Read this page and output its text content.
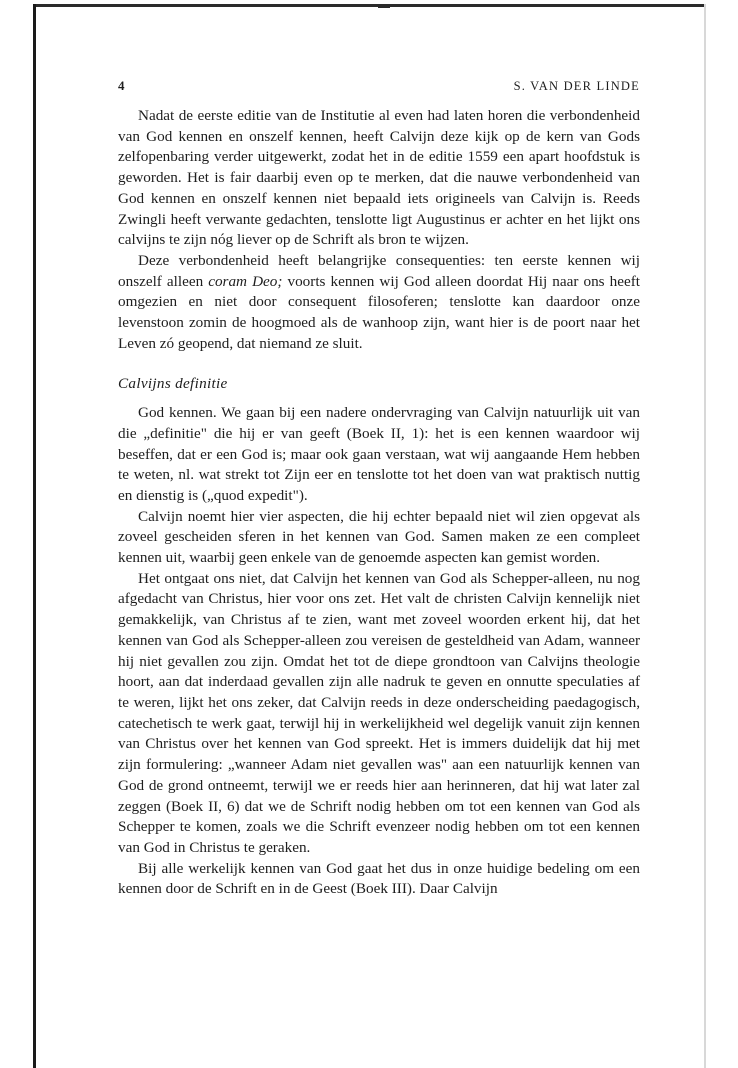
4	S. VAN DER LINDE

Nadat de eerste editie van de Institutie al even had laten horen die verbondenheid van God kennen en onszelf kennen, heeft Calvijn deze kijk op de kern van Gods zelfopenbaring verder uitgewerkt, zodat het in de editie 1559 een apart hoofdstuk is geworden. Het is fair daarbij even op te merken, dat die nauwe verbondenheid van God kennen en onszelf kennen niet bepaald iets origineels van Calvijn is. Reeds Zwingli heeft verwante gedachten, tenslotte ligt Augustinus er achter en het lijkt ons calvijns te zijn nóg liever op de Schrift als bron te wijzen.

Deze verbondenheid heeft belangrijke consequenties: ten eerste kennen wij onszelf alleen coram Deo; voorts kennen wij God alleen doordat Hij naar ons heeft omgezien en niet door consequent filosoferen; tenslotte kan daardoor onze levenstoon zomin de hoogmoed als de wanhoop zijn, want hier is de poort naar het Leven zó geopend, dat niemand ze sluit.

Calvijns definitie

God kennen. We gaan bij een nadere ondervraging van Calvijn natuurlijk uit van die „definitie" die hij er van geeft (Boek II, 1): het is een kennen waardoor wij beseffen, dat er een God is; maar ook gaan verstaan, wat wij aangaande Hem hebben te weten, nl. wat strekt tot Zijn eer en tenslotte tot het doen van wat praktisch nuttig en dienstig is („quod expedit").

Calvijn noemt hier vier aspecten, die hij echter bepaald niet wil zien opgevat als zoveel gescheiden sferen in het kennen van God. Samen maken ze een compleet kennen uit, waarbij geen enkele van de genoemde aspecten kan gemist worden.

Het ontgaat ons niet, dat Calvijn het kennen van God als Schepper-alleen, nu nog afgedacht van Christus, hier voor ons zet. Het valt de christen Calvijn kennelijk niet gemakkelijk, van Christus af te zien, want met zoveel woorden erkent hij, dat het kennen van God als Schepper-alleen zou vereisen de gesteldheid van Adam, wanneer hij niet gevallen zou zijn. Omdat het tot de diepe grondtoon van Calvijns theologie hoort, aan dat inderdaad gevallen zijn alle nadruk te geven en onnutte speculaties af te weren, lijkt het ons zeker, dat Calvijn reeds in deze onderscheiding paedagogisch, catechetisch te werk gaat, terwijl hij in werkelijkheid wel degelijk vanuit zijn kennen van Christus over het kennen van God spreekt. Het is immers duidelijk dat hij met zijn formulering: „wanneer Adam niet gevallen was" aan een natuurlijk kennen van God de grond ontneemt, terwijl we er reeds hier aan herinneren, dat hij wat later zal zeggen (Boek II, 6) dat we de Schrift nodig hebben om tot een kennen van God als Schepper te komen, zoals we die Schrift evenzeer nodig hebben om tot een kennen van God in Christus te geraken.

Bij alle werkelijk kennen van God gaat het dus in onze huidige bedeling om een kennen door de Schrift en in de Geest (Boek III). Daar Calvijn
